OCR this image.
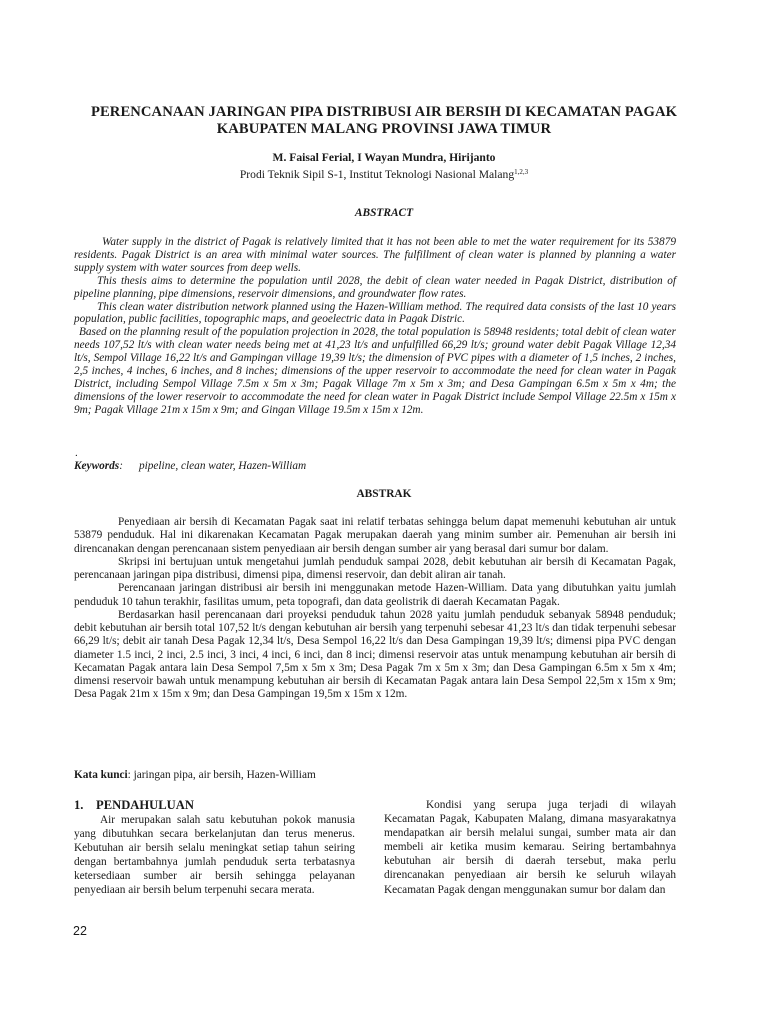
PERENCANAAN JARINGAN PIPA DISTRIBUSI AIR BERSIH DI KECAMATAN PAGAK KABUPATEN MALANG PROVINSI JAWA TIMUR
M. Faisal Ferial, I Wayan Mundra, Hirijanto
Prodi Teknik Sipil S-1, Institut Teknologi Nasional Malang$^{1,2,3}$
ABSTRACT

Water supply in the district of Pagak is relatively limited that it has not been able to met the water requirement for its 53879 residents. Pagak District is an area with minimal water sources. The fulfillment of clean water is planned by planning a water supply system with water sources from deep wells.

This thesis aims to determine the population until 2028, the debit of clean water needed in Pagak District, distribution of pipeline planning, pipe dimensions, reservoir dimensions, and groundwater flow rates.

This clean water distribution network planned using the Hazen-William method. The required data consists of the last 10 years population, public facilities, topographic maps, and geoelectric data in Pagak Distric.

Based on the planning result of the population projection in 2028, the total population is 58948 residents; total debit of clean water needs 107,52 lt/s with clean water needs being met at 41,23 lt/s and unfulfilled 66,29 lt/s; ground water debit Pagak Village 12,34 lt/s, Sempol Village 16,22 lt/s and Gampingan village 19,39 lt/s; the dimension of PVC pipes with a diameter of 1,5 inches, 2 inches, 2,5 inches, 4 inches, 6 inches, and 8 inches; dimensions of the upper reservoir to accommodate the need for clean water in Pagak District, including Sempol Village 7.5m x 5m x 3m; Pagak Village 7m x 5m x 3m; and Desa Gampingan 6.5m x 5m x 4m; the dimensions of the lower reservoir to accommodate the need for clean water in Pagak District include Sempol Village 22.5m x 15m x 9m; Pagak Village 21m x 15m x 9m; and Gingan Village 19.5m x 15m x 12m.

.
Keywords: pipeline, clean water, Hazen-William
ABSTRAK

Penyediaan air bersih di Kecamatan Pagak saat ini relatif terbatas sehingga belum dapat memenuhi kebutuhan air untuk 53879 penduduk. Hal ini dikarenakan Kecamatan Pagak merupakan daerah yang minim sumber air. Pemenuhan air bersih ini direncanakan dengan perencanaan sistem penyediaan air bersih dengan sumber air yang berasal dari sumur bor dalam.

Skripsi ini bertujuan untuk mengetahui jumlah penduduk sampai 2028, debit kebutuhan air bersih di Kecamatan Pagak, perencanaan jaringan pipa distribusi, dimensi pipa, dimensi reservoir, dan debit aliran air tanah.

Perencanaan jaringan distribusi air bersih ini menggunakan metode Hazen-William. Data yang dibutuhkan yaitu jumlah penduduk 10 tahun terakhir, fasilitas umum, peta topografi, dan data geolistrik di daerah Kecamatan Pagak.

Berdasarkan hasil perencanaan dari proyeksi penduduk tahun 2028 yaitu jumlah penduduk sebanyak 58948 penduduk; debit kebutuhan air bersih total 107,52 lt/s dengan kebutuhan air bersih yang terpenuhi sebesar 41,23 lt/s dan tidak terpenuhi sebesar 66,29 lt/s; debit air tanah Desa Pagak 12,34 lt/s, Desa Sempol 16,22 lt/s dan Desa Gampingan 19,39 lt/s; dimensi pipa PVC dengan diameter 1.5 inci, 2 inci, 2.5 inci, 3 inci, 4 inci, 6 inci, dan 8 inci; dimensi reservoir atas untuk menampung kebutuhan air bersih di Kecamatan Pagak antara lain Desa Sempol 7,5m x 5m x 3m; Desa Pagak 7m x 5m x 3m; dan Desa Gampingan 6.5m x 5m x 4m; dimensi reservoir bawah untuk menampung kebutuhan air bersih di Kecamatan Pagak antara lain Desa Sempol 22,5m x 15m x 9m; Desa Pagak 21m x 15m x 9m; dan Desa Gampingan 19,5m x 15m x 12m.

Kata kunci: jaringan pipa, air bersih, Hazen-William

1. PENDAHULUAN

Air merupakan salah satu kebutuhan pokok manusia yang dibutuhkan secara berkelanjutan dan terus menerus. Kebutuhan air bersih selalu meningkat setiap tahun seiring dengan bertambahnya jumlah penduduk serta terbatasnya ketersediaan sumber air bersih sehingga pelayanan penyediaan air bersih belum terpenuhi secara merata.

Kondisi yang serupa juga terjadi di wilayah Kecamatan Pagak, Kabupaten Malang, dimana masyarakatnya mendapatkan air bersih melalui sungai, sumber mata air dan membeli air ketika musim kemarau. Seiring bertambahnya kebutuhan air bersih di daerah tersebut, maka perlu direncanakan penyediaan air bersih ke seluruh wilayah Kecamatan Pagak dengan menggunakan sumur bor dalam dan

22
